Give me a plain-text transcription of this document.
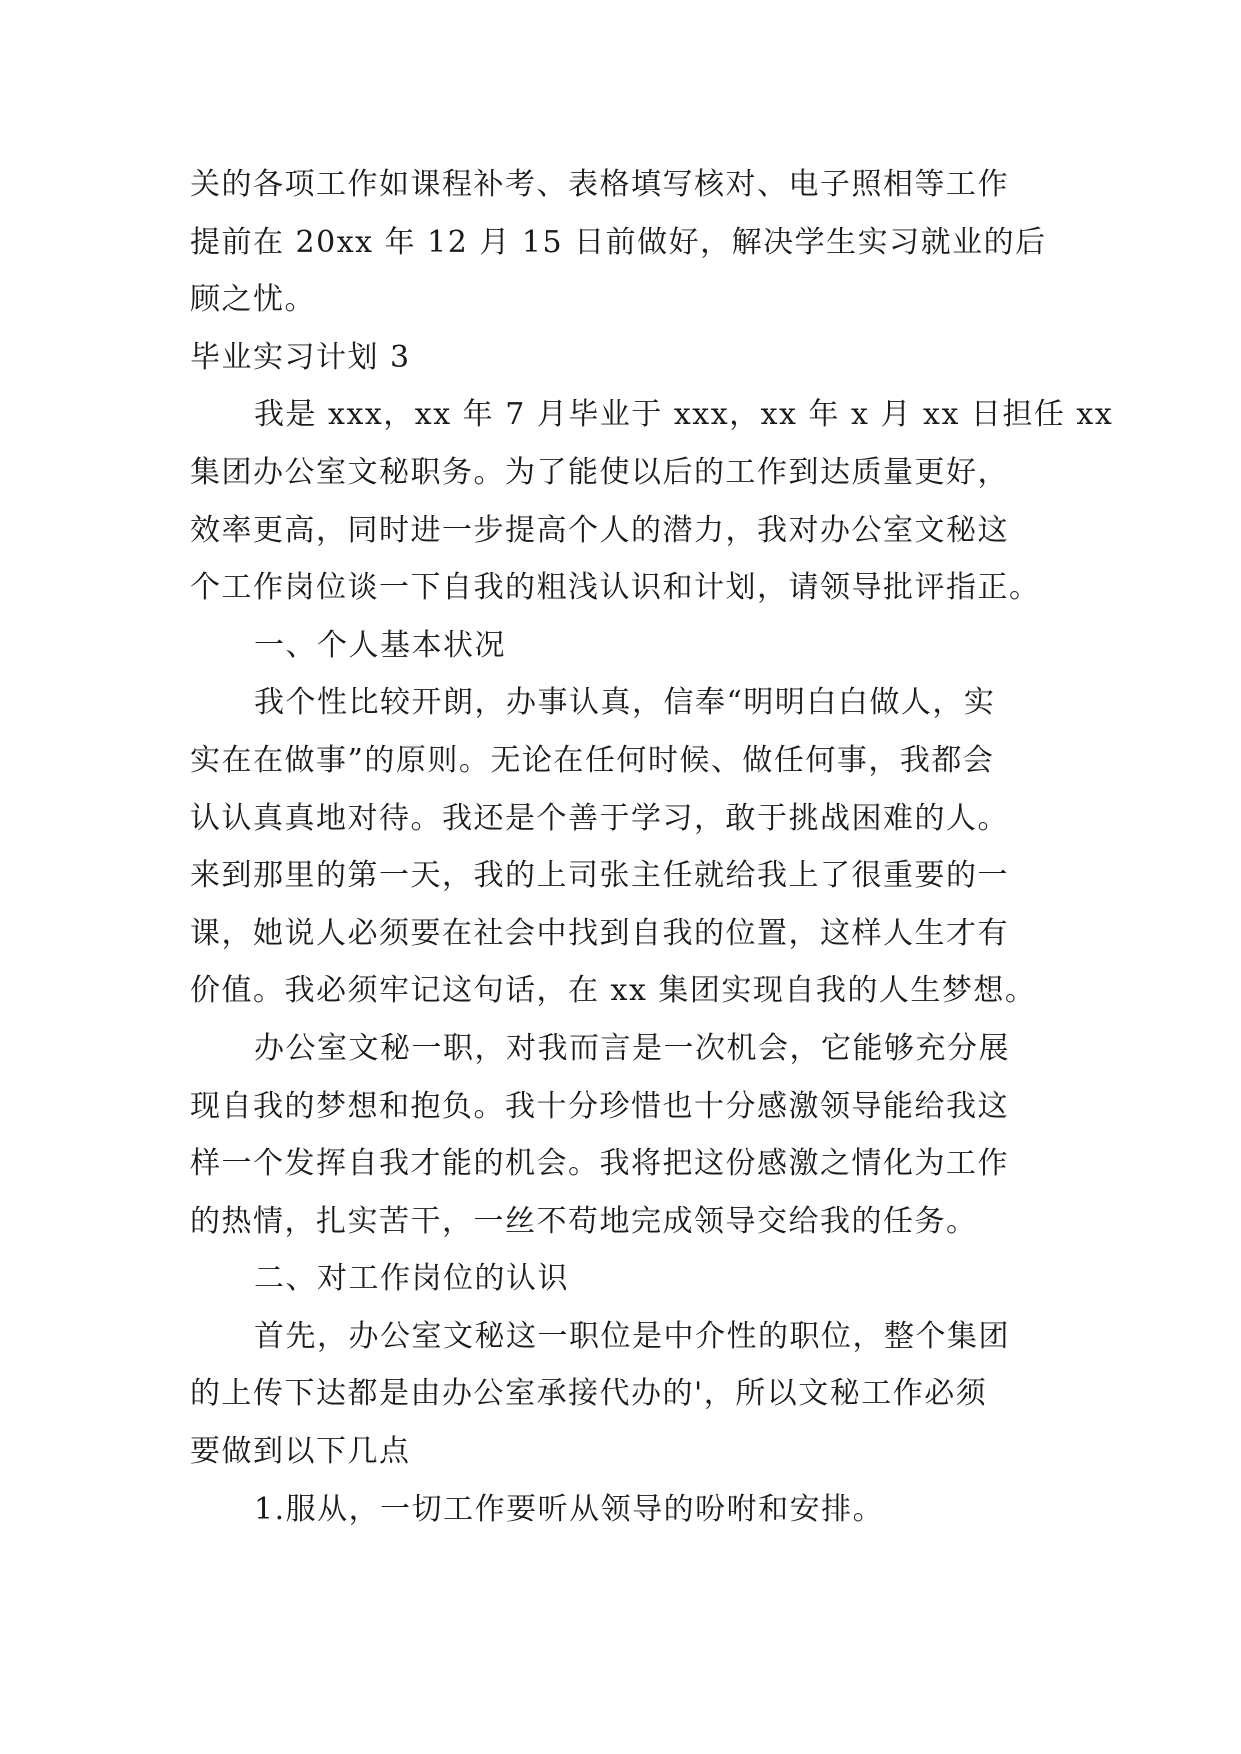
关的各项工作如课程补考、表格填写核对、电子照相等工作

提前在 20xx 年 12 月 15 日前做好，解决学生实习就业的后

顾之忧。

毕业实习计划 3

我是 xxx，xx 年 7 月毕业于 xxx，xx 年 x 月 xx 日担任 xx

集团办公室文秘职务。为了能使以后的工作到达质量更好，

效率更高，同时进一步提高个人的潜力，我对办公室文秘这

个工作岗位谈一下自我的粗浅认识和计划，请领导批评指正。

一、个人基本状况

我个性比较开朗，办事认真，信奉“明明白白做人，实

实在在做事”的原则。无论在任何时候、做任何事，我都会

认认真真地对待。我还是个善于学习，敢于挑战困难的人。

来到那里的第一天，我的上司张主任就给我上了很重要的一

课，她说人必须要在社会中找到自我的位置，这样人生才有

价值。我必须牢记这句话，在 xx 集团实现自我的人生梦想。

办公室文秘一职，对我而言是一次机会，它能够充分展

现自我的梦想和抱负。我十分珍惜也十分感激领导能给我这

样一个发挥自我才能的机会。我将把这份感激之情化为工作

的热情，扎实苦干，一丝不苟地完成领导交给我的任务。

二、对工作岗位的认识

首先，办公室文秘这一职位是中介性的职位，整个集团

的上传下达都是由办公室承接代办的'，所以文秘工作必须

要做到以下几点

1.服从，一切工作要听从领导的吩咐和安排。
